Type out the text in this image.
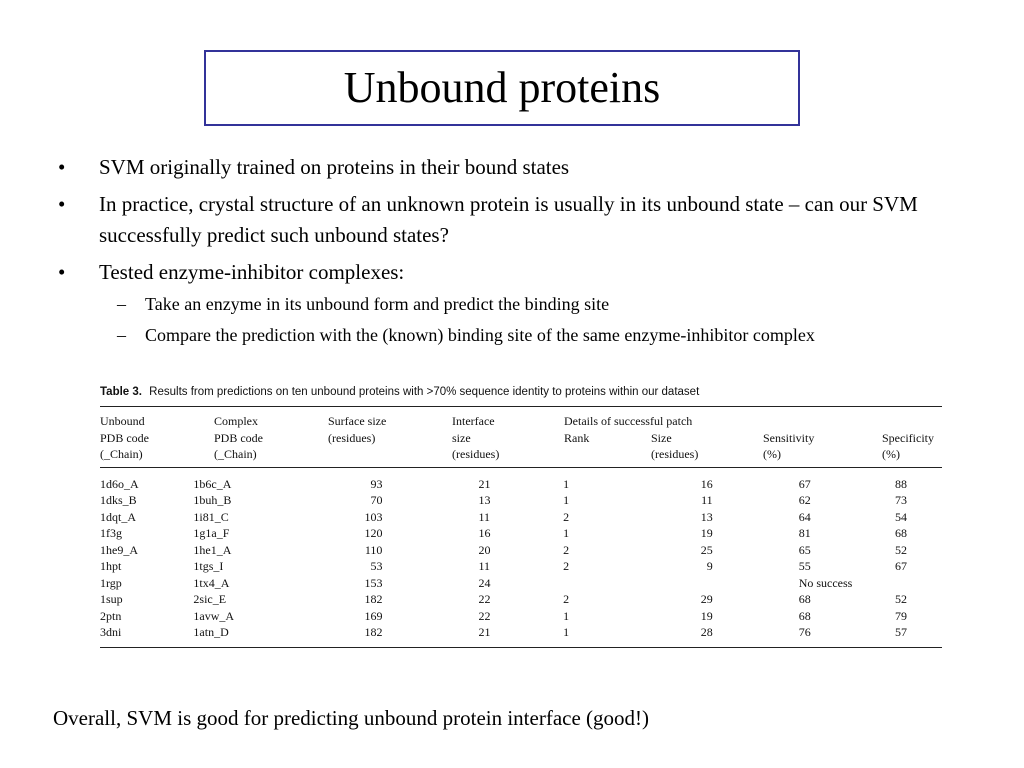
Unbound proteins
•	SVM originally trained on proteins in their bound states
•	In practice, crystal structure of an unknown protein is usually in its unbound state – can our SVM successfully predict such unbound states?
•	Tested enzyme-inhibitor complexes:
– Take an enzyme in its unbound form and predict the binding site
– Compare the prediction with the (known) binding site of the same enzyme-inhibitor complex
Table 3. Results from predictions on ten unbound proteins with >70% sequence identity to proteins within our dataset
Unbound	Complex	Surface size	Interface	Details of successful patch			
PDB code	PDB code	(residues)	size	Rank	Size	Sensitivity	Specificity
(_Chain)	(_Chain)		(residues)		(residues)	(%)	(%)
1d6o_A	1b6c_A	93	21	1	16	67	88
1dks_B	1buh_B	70	13	1	11	62	73
1dqt_A	1i81_C	103	11	2	13	64	54
1f3g	1g1a_F	120	16	1	19	81	68
1he9_A	1he1_A	110	20	2	25	65	52
1hpt	1tgs_I	53	11	2	9	55	67
1rgp	1tx4_A	153	24			No success	
1sup	2sic_E	182	22	2	29	68	52
2ptn	1avw_A	169	22	1	19	68	79
3dni	1atn_D	182	21	1	28	76	57
Overall, SVM is good for predicting unbound protein interface (good!)
